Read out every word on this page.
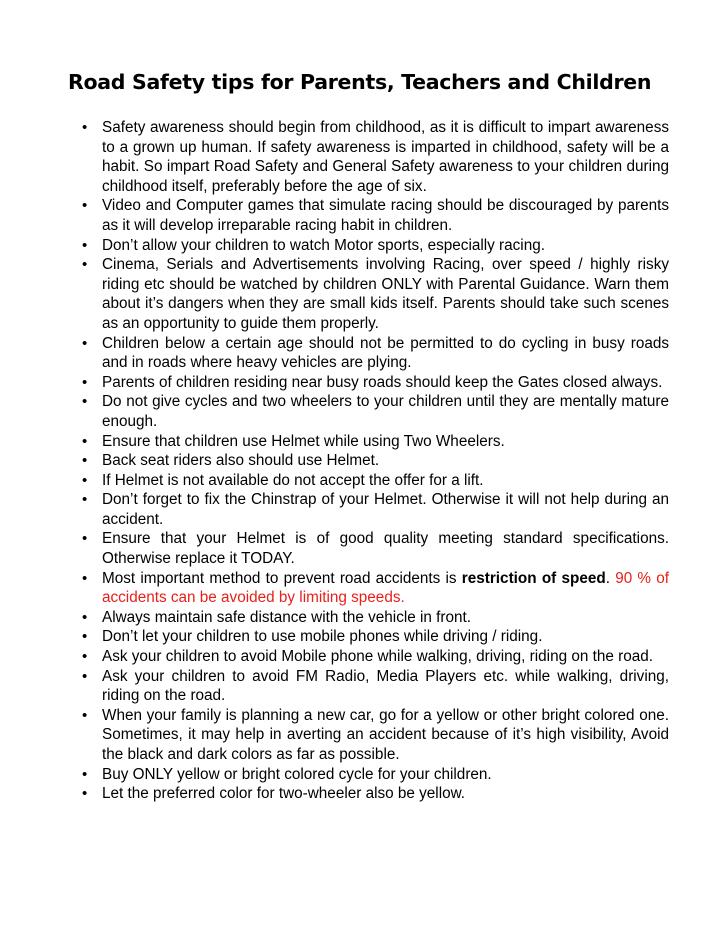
Road Safety tips for Parents, Teachers and Children
• Safety awareness should begin from childhood, as it is difficult to impart awareness to a grown up human. If safety awareness is imparted in childhood, safety will be a habit. So impart Road Safety and General Safety awareness to your children during childhood itself, preferably before the age of six.
• Video and Computer games that simulate racing should be discouraged by parents as it will develop irreparable racing habit in children.
• Don’t allow your children to watch Motor sports, especially racing.
• Cinema, Serials and Advertisements involving Racing, over speed / highly risky riding etc should be watched by children ONLY with Parental Guidance. Warn them about it’s dangers when they are small kids itself. Parents should take such scenes as an opportunity to guide them properly.
• Children below a certain age should not be permitted to do cycling in busy roads and in roads where heavy vehicles are plying.
• Parents of children residing near busy roads should keep the Gates closed always.
• Do not give cycles and two wheelers to your children until they are mentally mature enough.
• Ensure that children use Helmet while using Two Wheelers.
• Back seat riders also should use Helmet.
• If Helmet is not available do not accept the offer for a lift.
• Don’t forget to fix the Chinstrap of your Helmet. Otherwise it will not help during an accident.
• Ensure that your Helmet is of good quality meeting standard specifications. Otherwise replace it TODAY.
• Most important method to prevent road accidents is restriction of speed. 90 % of accidents can be avoided by limiting speeds.
• Always maintain safe distance with the vehicle in front.
• Don’t let your children to use mobile phones while driving / riding.
• Ask your children to avoid Mobile phone while walking, driving, riding on the road.
• Ask your children to avoid FM Radio, Media Players etc. while walking, driving, riding on the road.
• When your family is planning a new car, go for a yellow or other bright colored one. Sometimes, it may help in averting an accident because of it’s high visibility, Avoid the black and dark colors as far as possible.
• Buy ONLY yellow or bright colored cycle for your children.
• Let the preferred color for two-wheeler also be yellow.
